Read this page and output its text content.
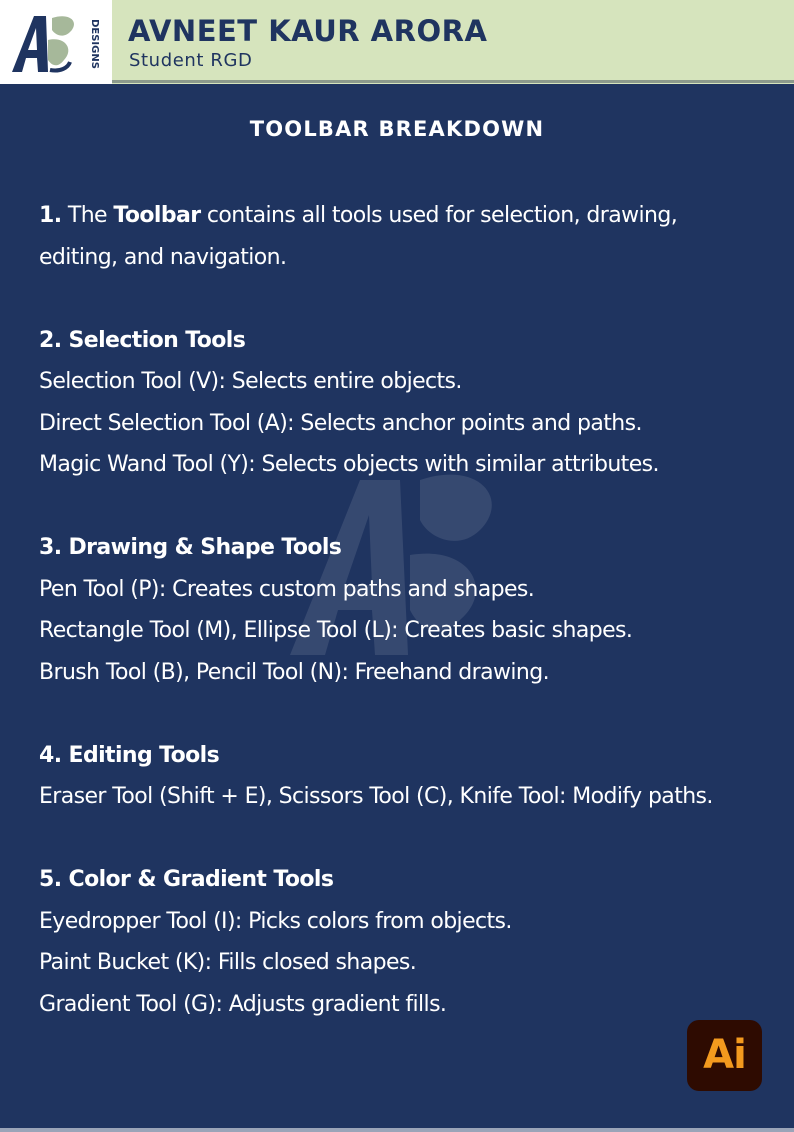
DESIGNS AVNEET KAUR ARORA
Student RGD
TOOLBAR BREAKDOWN

1. The Toolbar contains all tools used for selection, drawing, editing, and navigation.

2. Selection Tools

Selection Tool (V): Selects entire objects.

Direct Selection Tool (A): Selects anchor points and paths.

Magic Wand Tool (Y): Selects objects with similar attributes.

3. Drawing & Shape Tools

Pen Tool (P): Creates custom paths and shapes.

Rectangle Tool (M), Ellipse Tool (L): Creates basic shapes.

Brush Tool (B), Pencil Tool (N): Freehand drawing.

4. Editing Tools

Eraser Tool (Shift + E), Scissors Tool (C), Knife Tool: Modify paths.

5. Color & Gradient Tools

Eyedropper Tool (I): Picks colors from objects.

Paint Bucket (K): Fills closed shapes.

Gradient Tool (G): Adjusts gradient fills.

Ai
